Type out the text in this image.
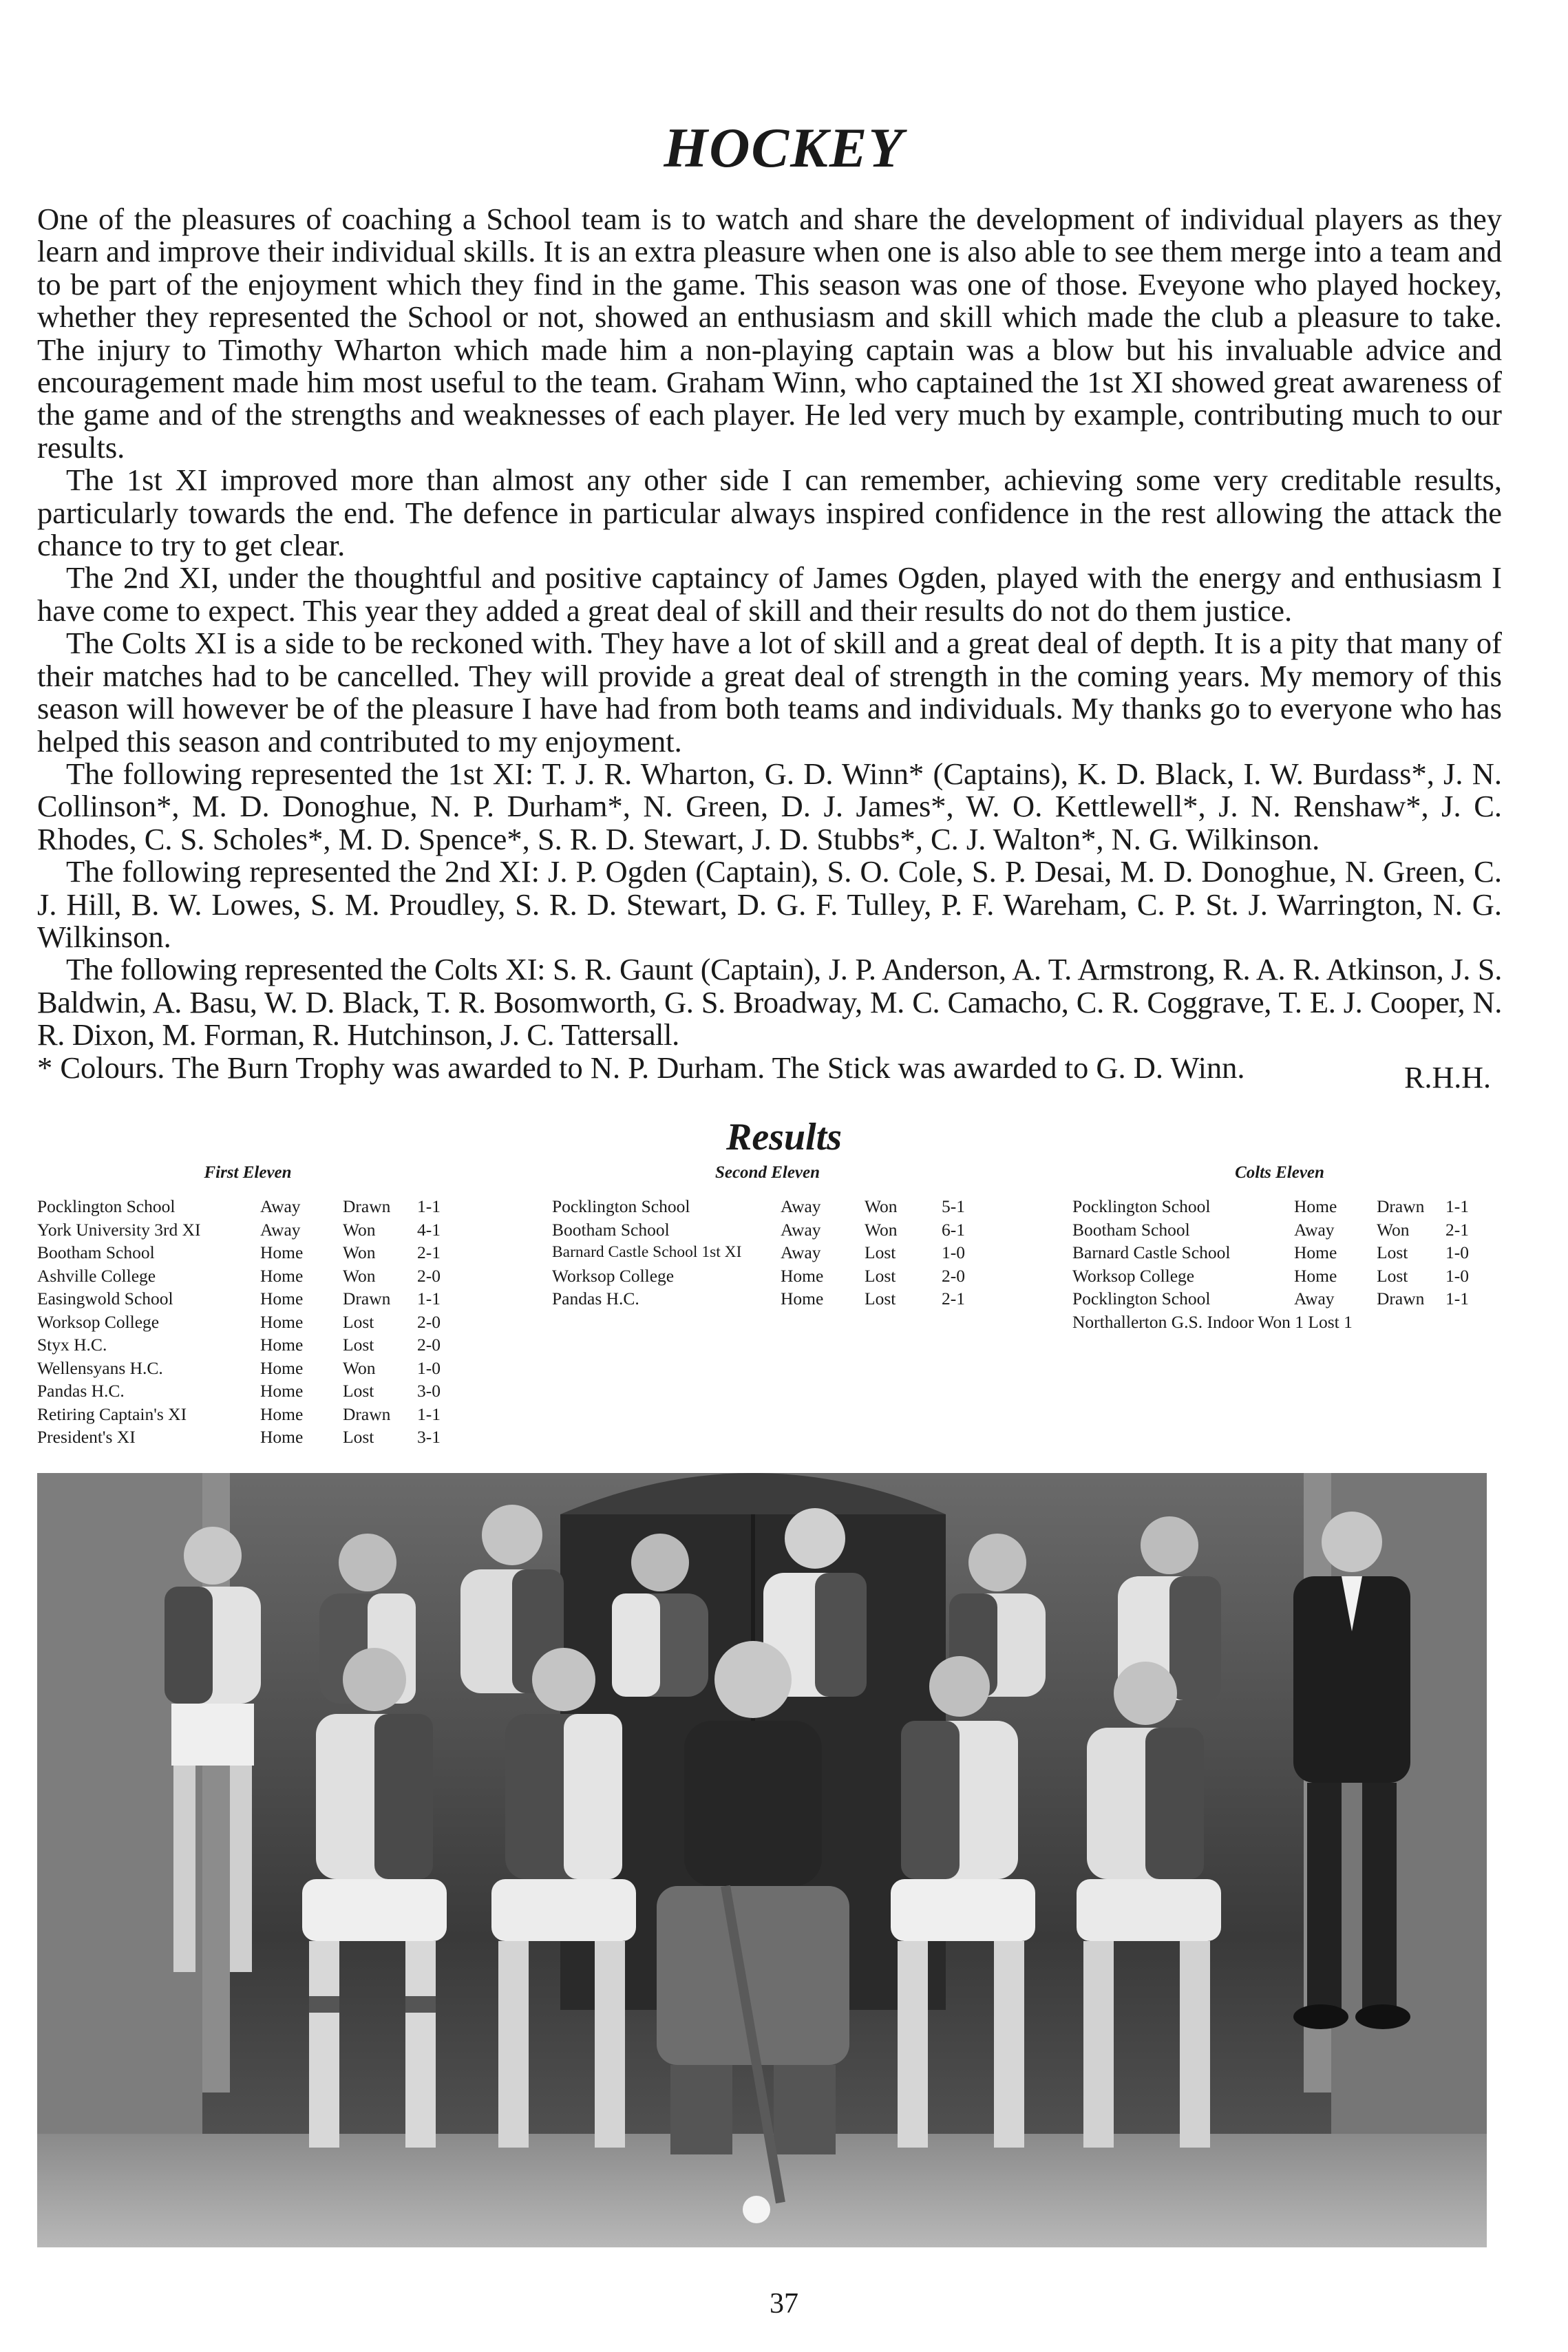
HOCKEY

One of the pleasures of coaching a School team is to watch and share the development of individual players as they learn and improve their individual skills. It is an extra pleasure when one is also able to see them merge into a team and to be part of the enjoyment which they find in the game. This season was one of those. Eveyone who played hockey, whether they represented the School or not, showed an enthusiasm and skill which made the club a pleasure to take. The injury to Timothy Wharton which made him a non-playing captain was a blow but his invaluable advice and encouragement made him most useful to the team. Graham Winn, who captained the 1st XI showed great awareness of the game and of the strengths and weaknesses of each player. He led very much by example, contributing much to our results.

The 1st XI improved more than almost any other side I can remember, achieving some very creditable results, particularly towards the end. The defence in particular always inspired confidence in the rest allowing the attack the chance to try to get clear.

The 2nd XI, under the thoughtful and positive captaincy of James Ogden, played with the energy and enthusiasm I have come to expect. This year they added a great deal of skill and their results do not do them justice.

The Colts XI is a side to be reckoned with. They have a lot of skill and a great deal of depth. It is a pity that many of their matches had to be cancelled. They will provide a great deal of strength in the coming years. My memory of this season will however be of the pleasure I have had from both teams and individuals. My thanks go to everyone who has helped this season and contributed to my enjoyment.

The following represented the 1st XI: T. J. R. Wharton, G. D. Winn* (Captains), K. D. Black, I. W. Burdass*, J. N. Collinson*, M. D. Donoghue, N. P. Durham*, N. Green, D. J. James*, W. O. Kettlewell*, J. N. Renshaw*, J. C. Rhodes, C. S. Scholes*, M. D. Spence*, S. R. D. Stewart, J. D. Stubbs*, C. J. Walton*, N. G. Wilkinson.

The following represented the 2nd XI: J. P. Ogden (Captain), S. O. Cole, S. P. Desai, M. D. Donoghue, N. Green, C. J. Hill, B. W. Lowes, S. M. Proudley, S. R. D. Stewart, D. G. F. Tulley, P. F. Wareham, C. P. St. J. Warrington, N. G. Wilkinson.

The following represented the Colts XI: S. R. Gaunt (Captain), J. P. Anderson, A. T. Armstrong, R. A. R. Atkinson, J. S. Baldwin, A. Basu, W. D. Black, T. R. Bosomworth, G. S. Broadway, M. C. Camacho, C. R. Coggrave, T. E. J. Cooper, N. R. Dixon, M. Forman, R. Hutchinson, J. C. Tattersall.

* Colours. The Burn Trophy was awarded to N. P. Durham. The Stick was awarded to G. D. Winn.	R.H.H.
Results
First Eleven
Pocklington School	Away	Drawn	1-1
York University 3rd XI	Away	Won	4-1
Bootham School	Home	Won	2-1
Ashville College	Home	Won	2-0
Easingwold School	Home	Drawn	1-1
Worksop College	Home	Lost	2-0
Styx H.C.	Home	Lost	2-0
Wellensyans H.C.	Home	Won	1-0
Pandas H.C.	Home	Lost	3-0
Retiring Captain's XI	Home	Drawn	1-1
President's XI	Home	Lost	3-1
Second Eleven
Pocklington School	Away	Won	5-1
Bootham School	Away	Won	6-1
Barnard Castle School 1st XI	Away	Lost	1-0
Worksop College	Home	Lost	2-0
Pandas H.C.	Home	Lost	2-1
Colts Eleven
Pocklington School	Home	Drawn	1-1
Bootham School	Away	Won	2-1
Barnard Castle School	Home	Lost	1-0
Worksop College	Home	Lost	1-0
Pocklington School	Away	Drawn	1-1
Northallerton G.S. Indoor Won 1 Lost 1
37
